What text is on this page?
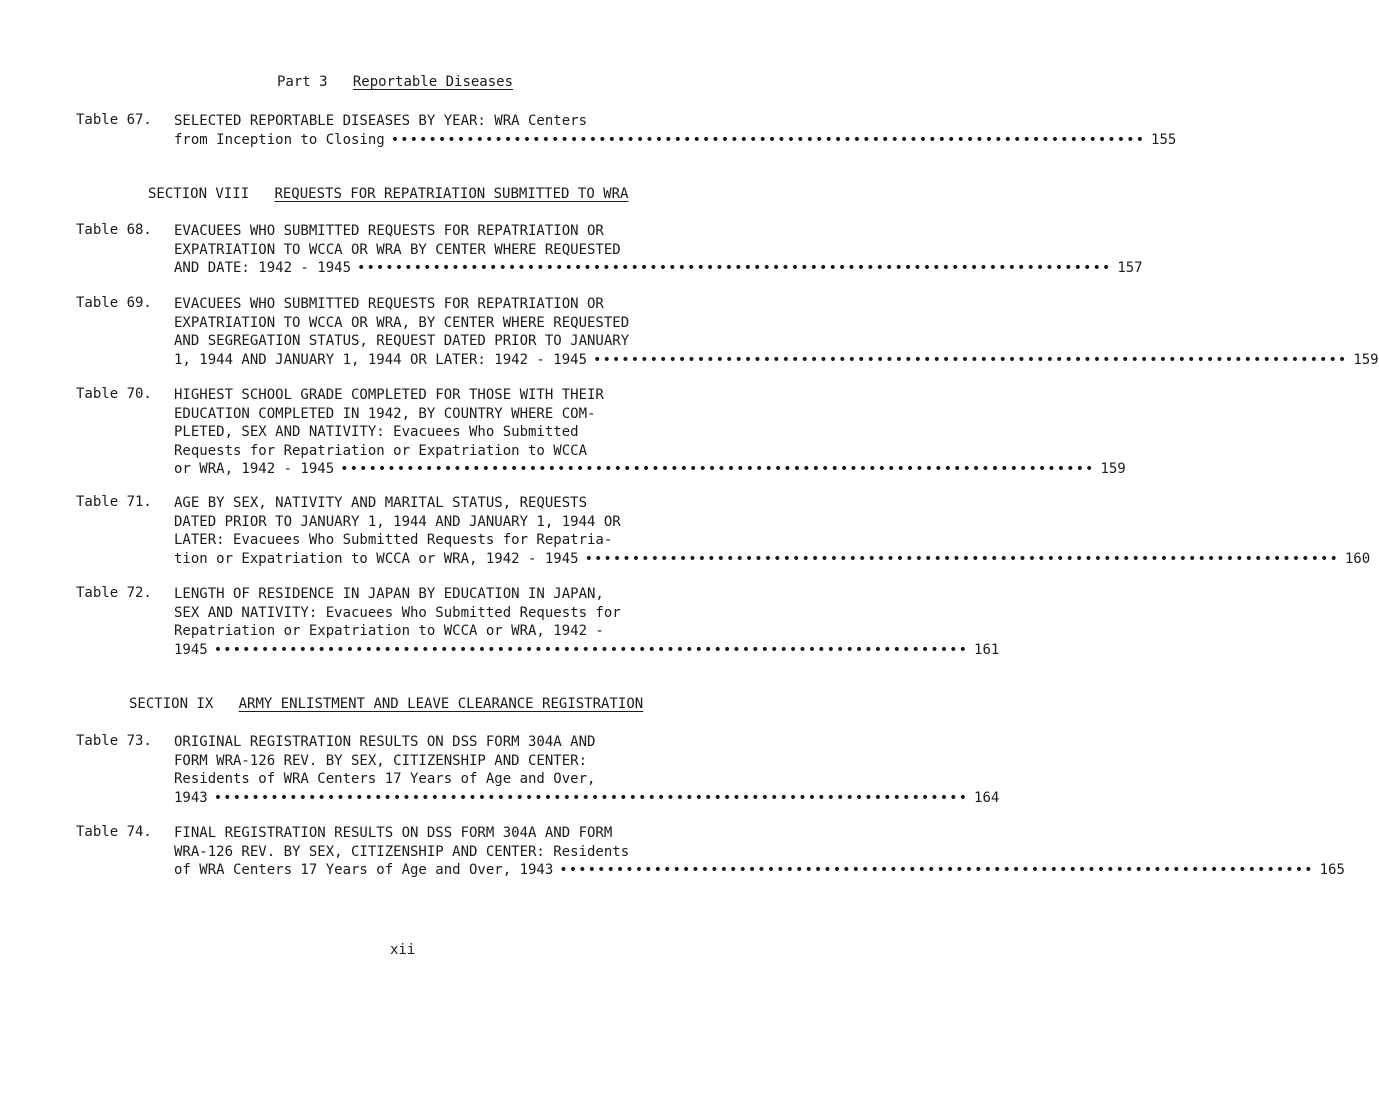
Part 3 Reportable Diseases
Table 67. SELECTED REPORTABLE DISEASES BY YEAR: WRA Centers
from Inception to Closing •••••••••••••••••••••••••••••••••••••••••••••••••••••••••••••••••••••••••••••••• 155
SECTION VIII REQUESTS FOR REPATRIATION SUBMITTED TO WRA
Table 68. EVACUEES WHO SUBMITTED REQUESTS FOR REPATRIATION OR
EXPATRIATION TO WCCA OR WRA BY CENTER WHERE REQUESTED
AND DATE: 1942 - 1945 •••••••••••••••••••••••••••••••••••••••••••••••••••••••••••••••••••••••••••••••• 157
Table 69. EVACUEES WHO SUBMITTED REQUESTS FOR REPATRIATION OR
EXPATRIATION TO WCCA OR WRA, BY CENTER WHERE REQUESTED
AND SEGREGATION STATUS, REQUEST DATED PRIOR TO JANUARY
1, 1944 AND JANUARY 1, 1944 OR LATER: 1942 - 1945 •••••••••••••••••••••••••••••••••••••••••••••••••••••••••••••••••••••••••••••••• 159
Table 70. HIGHEST SCHOOL GRADE COMPLETED FOR THOSE WITH THEIR
EDUCATION COMPLETED IN 1942, BY COUNTRY WHERE COM-
PLETED, SEX AND NATIVITY: Evacuees Who Submitted
Requests for Repatriation or Expatriation to WCCA
or WRA, 1942 - 1945 •••••••••••••••••••••••••••••••••••••••••••••••••••••••••••••••••••••••••••••••• 159
Table 71. AGE BY SEX, NATIVITY AND MARITAL STATUS, REQUESTS
DATED PRIOR TO JANUARY 1, 1944 AND JANUARY 1, 1944 OR
LATER: Evacuees Who Submitted Requests for Repatria-
tion or Expatriation to WCCA or WRA, 1942 - 1945 •••••••••••••••••••••••••••••••••••••••••••••••••••••••••••••••••••••••••••••••• 160
Table 72. LENGTH OF RESIDENCE IN JAPAN BY EDUCATION IN JAPAN,
SEX AND NATIVITY: Evacuees Who Submitted Requests for
Repatriation or Expatriation to WCCA or WRA, 1942 -
1945 •••••••••••••••••••••••••••••••••••••••••••••••••••••••••••••••••••••••••••••••• 161
SECTION IX ARMY ENLISTMENT AND LEAVE CLEARANCE REGISTRATION
Table 73. ORIGINAL REGISTRATION RESULTS ON DSS FORM 304A AND
FORM WRA-126 REV. BY SEX, CITIZENSHIP AND CENTER:
Residents of WRA Centers 17 Years of Age and Over,
1943 •••••••••••••••••••••••••••••••••••••••••••••••••••••••••••••••••••••••••••••••• 164
Table 74. FINAL REGISTRATION RESULTS ON DSS FORM 304A AND FORM
WRA-126 REV. BY SEX, CITIZENSHIP AND CENTER: Residents
of WRA Centers 17 Years of Age and Over, 1943 •••••••••••••••••••••••••••••••••••••••••••••••••••••••••••••••••••••••••••••••• 165
xii
